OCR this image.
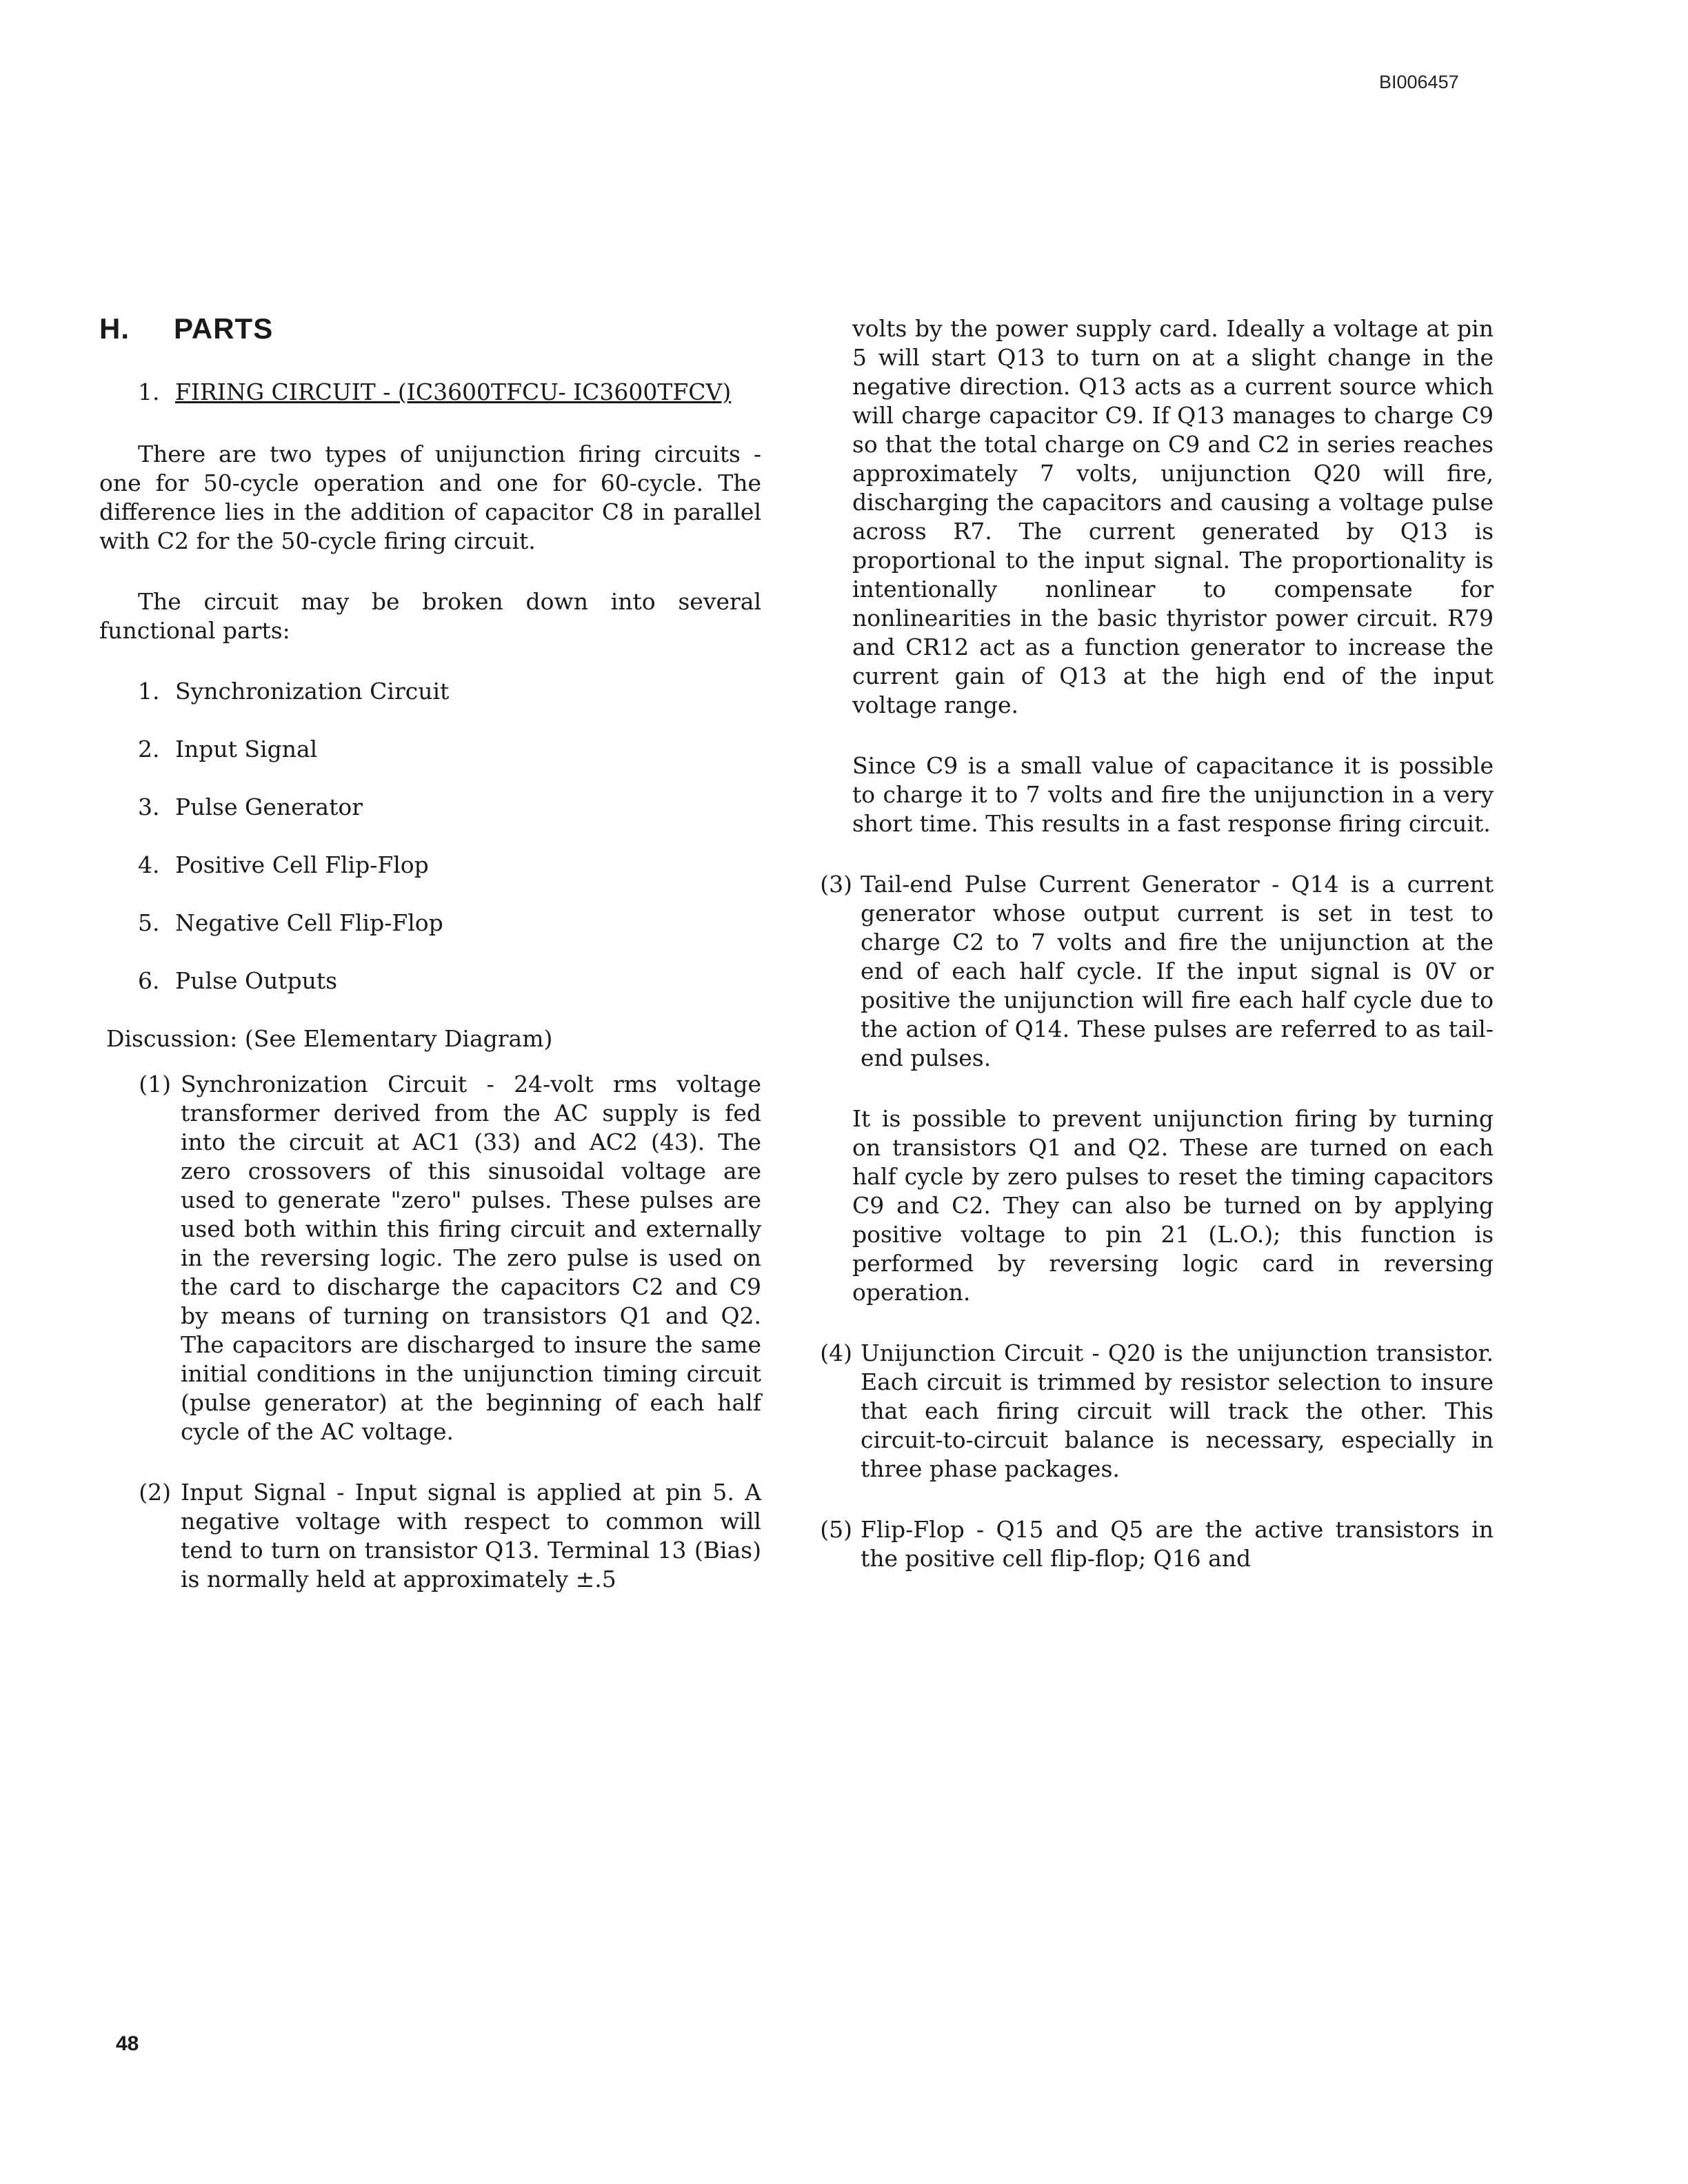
BI006457
H. PARTS
1. FIRING CIRCUIT - (IC3600TFCU- IC3600TFCV)

There are two types of unijunction firing circuits - one for 50-cycle operation and one for 60-cycle. The difference lies in the addition of capacitor C8 in parallel with C2 for the 50-cycle firing circuit.

The circuit may be broken down into several functional parts:

1. Synchronization Circuit
2. Input Signal
3. Pulse Generator
4. Positive Cell Flip-Flop
5. Negative Cell Flip-Flop
6. Pulse Outputs
Discussion: (See Elementary Diagram)
(1) Synchronization Circuit - 24-volt rms voltage transformer derived from the AC supply is fed into the circuit at AC1 (33) and AC2 (43). The zero crossovers of this sinusoidal voltage are used to generate "zero" pulses. These pulses are used both within this firing circuit and externally in the reversing logic. The zero pulse is used on the card to discharge the capacitors C2 and C9 by means of turning on transistors Q1 and Q2. The capacitors are discharged to insure the same initial conditions in the unijunction timing circuit (pulse generator) at the beginning of each half cycle of the AC voltage.
(2) Input Signal - Input signal is applied at pin 5. A negative voltage with respect to common will tend to turn on transistor Q13. Terminal 13 (Bias) is normally held at approximately ±.5

volts by the power supply card. Ideally a voltage at pin 5 will start Q13 to turn on at a slight change in the negative direction. Q13 acts as a current source which will charge capacitor C9. If Q13 manages to charge C9 so that the total charge on C9 and C2 in series reaches approximately 7 volts, unijunction Q20 will fire, discharging the capacitors and causing a voltage pulse across R7. The current generated by Q13 is proportional to the input signal. The proportionality is intentionally nonlinear to compensate for nonlinearities in the basic thyristor power circuit. R79 and CR12 act as a function generator to increase the current gain of Q13 at the high end of the input voltage range.

Since C9 is a small value of capacitance it is possible to charge it to 7 volts and fire the unijunction in a very short time. This results in a fast response firing circuit.

(3) Tail-end Pulse Current Generator - Q14 is a current generator whose output current is set in test to charge C2 to 7 volts and fire the unijunction at the end of each half cycle. If the input signal is 0V or positive the unijunction will fire each half cycle due to the action of Q14. These pulses are referred to as tail-end pulses.

It is possible to prevent unijunction firing by turning on transistors Q1 and Q2. These are turned on each half cycle by zero pulses to reset the timing capacitors C9 and C2. They can also be turned on by applying positive voltage to pin 21 (L.O.); this function is performed by reversing logic card in reversing operation.

(4) Unijunction Circuit - Q20 is the unijunction transistor. Each circuit is trimmed by resistor selection to insure that each firing circuit will track the other. This circuit-to-circuit balance is necessary, especially in three phase packages.
(5) Flip-Flop - Q15 and Q5 are the active transistors in the positive cell flip-flop; Q16 and
48
